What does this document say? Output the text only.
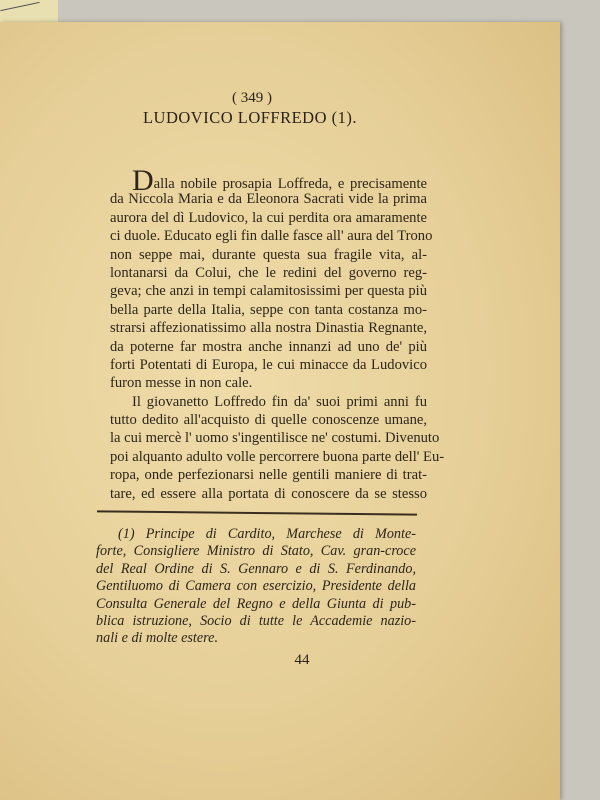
( 349 )
LUDOVICO LOFFREDO (1).
Dalla nobile prosapia Loffreda, e precisamente
da Niccola Maria e da Eleonora Sacrati vide la prima
aurora del dì Ludovico, la cui perdita ora amaramente
ci duole. Educato egli fin dalle fasce all' aura del Trono
non seppe mai, durante questa sua fragile vita, al-
lontanarsi da Colui, che le redini del governo reg-
geva; che anzi in tempi calamitosissimi per questa più
bella parte della Italia, seppe con tanta costanza mo-
strarsi affezionatissimo alla nostra Dinastia Regnante,
da poterne far mostra anche innanzi ad uno de' più
forti Potentati di Europa, le cui minacce da Ludovico
furon messe in non cale.
Il giovanetto Loffredo fin da' suoi primi anni fu
tutto dedito all'acquisto di quelle conoscenze umane,
la cui mercè l' uomo s'ingentilisce ne' costumi. Divenuto
poi alquanto adulto volle percorrere buona parte dell' Eu-
ropa, onde perfezionarsi nelle gentili maniere di trat-
tare, ed essere alla portata di conoscere da se stesso
(1) Principe di Cardito, Marchese di Monte-
forte, Consigliere Ministro di Stato, Cav. gran-croce
del Real Ordine di S. Gennaro e di S. Ferdinando,
Gentiluomo di Camera con esercizio, Presidente della
Consulta Generale del Regno e della Giunta di pub-
blica istruzione, Socio di tutte le Accademie nazio-
nali e di molte estere.
44
